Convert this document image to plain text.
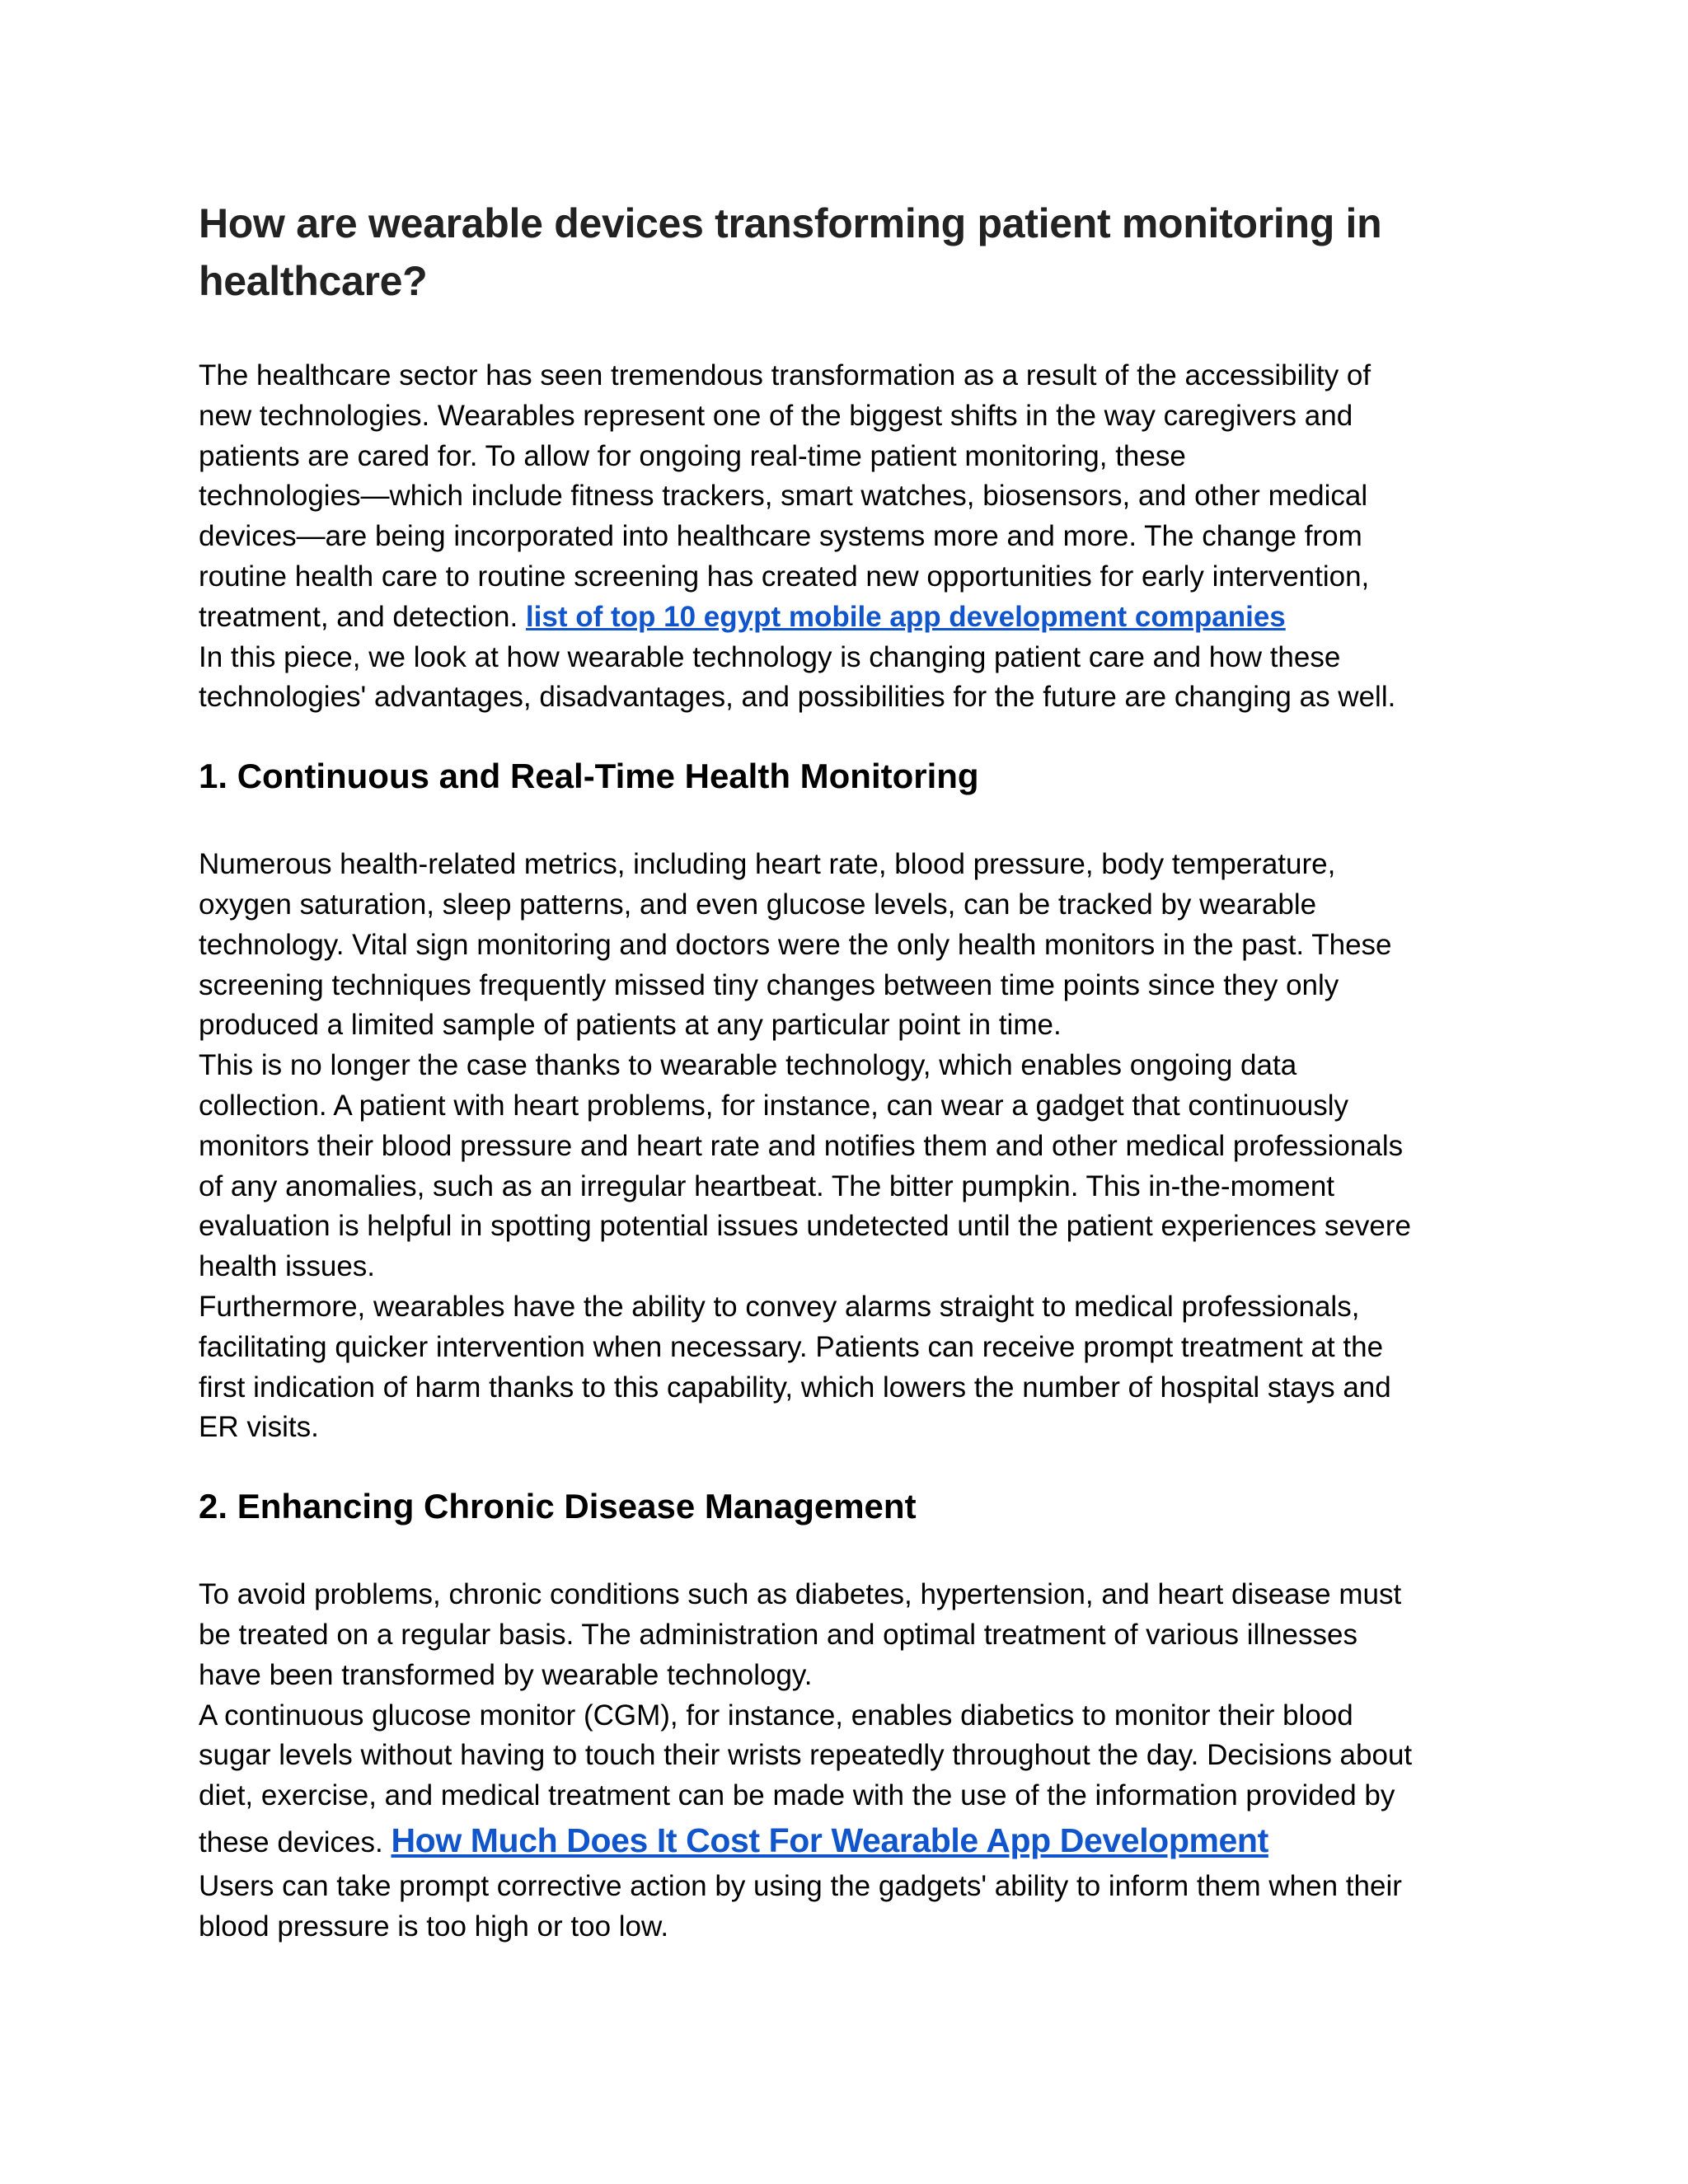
How are wearable devices transforming patient monitoring in
healthcare?

The healthcare sector has seen tremendous transformation as a result of the accessibility of
new technologies. Wearables represent one of the biggest shifts in the way caregivers and
patients are cared for. To allow for ongoing real-time patient monitoring, these
technologies—which include fitness trackers, smart watches, biosensors, and other medical
devices—are being incorporated into healthcare systems more and more. The change from
routine health care to routine screening has created new opportunities for early intervention,
treatment, and detection. list of top 10 egypt mobile app development companies
In this piece, we look at how wearable technology is changing patient care and how these
technologies' advantages, disadvantages, and possibilities for the future are changing as well.

1. Continuous and Real-Time Health Monitoring

Numerous health-related metrics, including heart rate, blood pressure, body temperature,
oxygen saturation, sleep patterns, and even glucose levels, can be tracked by wearable
technology. Vital sign monitoring and doctors were the only health monitors in the past. These
screening techniques frequently missed tiny changes between time points since they only
produced a limited sample of patients at any particular point in time.
This is no longer the case thanks to wearable technology, which enables ongoing data
collection. A patient with heart problems, for instance, can wear a gadget that continuously
monitors their blood pressure and heart rate and notifies them and other medical professionals
of any anomalies, such as an irregular heartbeat. The bitter pumpkin. This in-the-moment
evaluation is helpful in spotting potential issues undetected until the patient experiences severe
health issues.
Furthermore, wearables have the ability to convey alarms straight to medical professionals,
facilitating quicker intervention when necessary. Patients can receive prompt treatment at the
first indication of harm thanks to this capability, which lowers the number of hospital stays and
ER visits.

2. Enhancing Chronic Disease Management

To avoid problems, chronic conditions such as diabetes, hypertension, and heart disease must
be treated on a regular basis. The administration and optimal treatment of various illnesses
have been transformed by wearable technology.
A continuous glucose monitor (CGM), for instance, enables diabetics to monitor their blood
sugar levels without having to touch their wrists repeatedly throughout the day. Decisions about
diet, exercise, and medical treatment can be made with the use of the information provided by
these devices. How Much Does It Cost For Wearable App Development
Users can take prompt corrective action by using the gadgets' ability to inform them when their
blood pressure is too high or too low.
